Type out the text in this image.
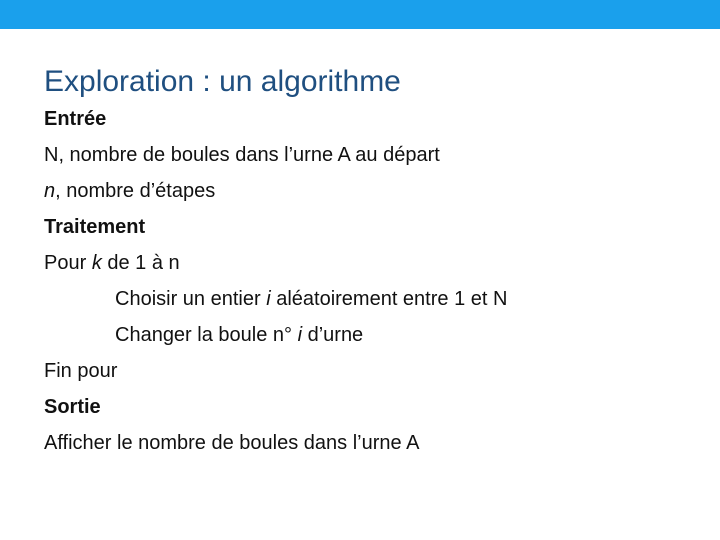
Exploration : un algorithme
Entrée
N, nombre de boules dans l’urne A au départ
n, nombre d’étapes
Traitement
Pour k de 1 à n
Choisir un entier i aléatoirement entre 1 et N
Changer la boule n° i d’urne
Fin pour
Sortie
Afficher le nombre de boules dans l’urne A
